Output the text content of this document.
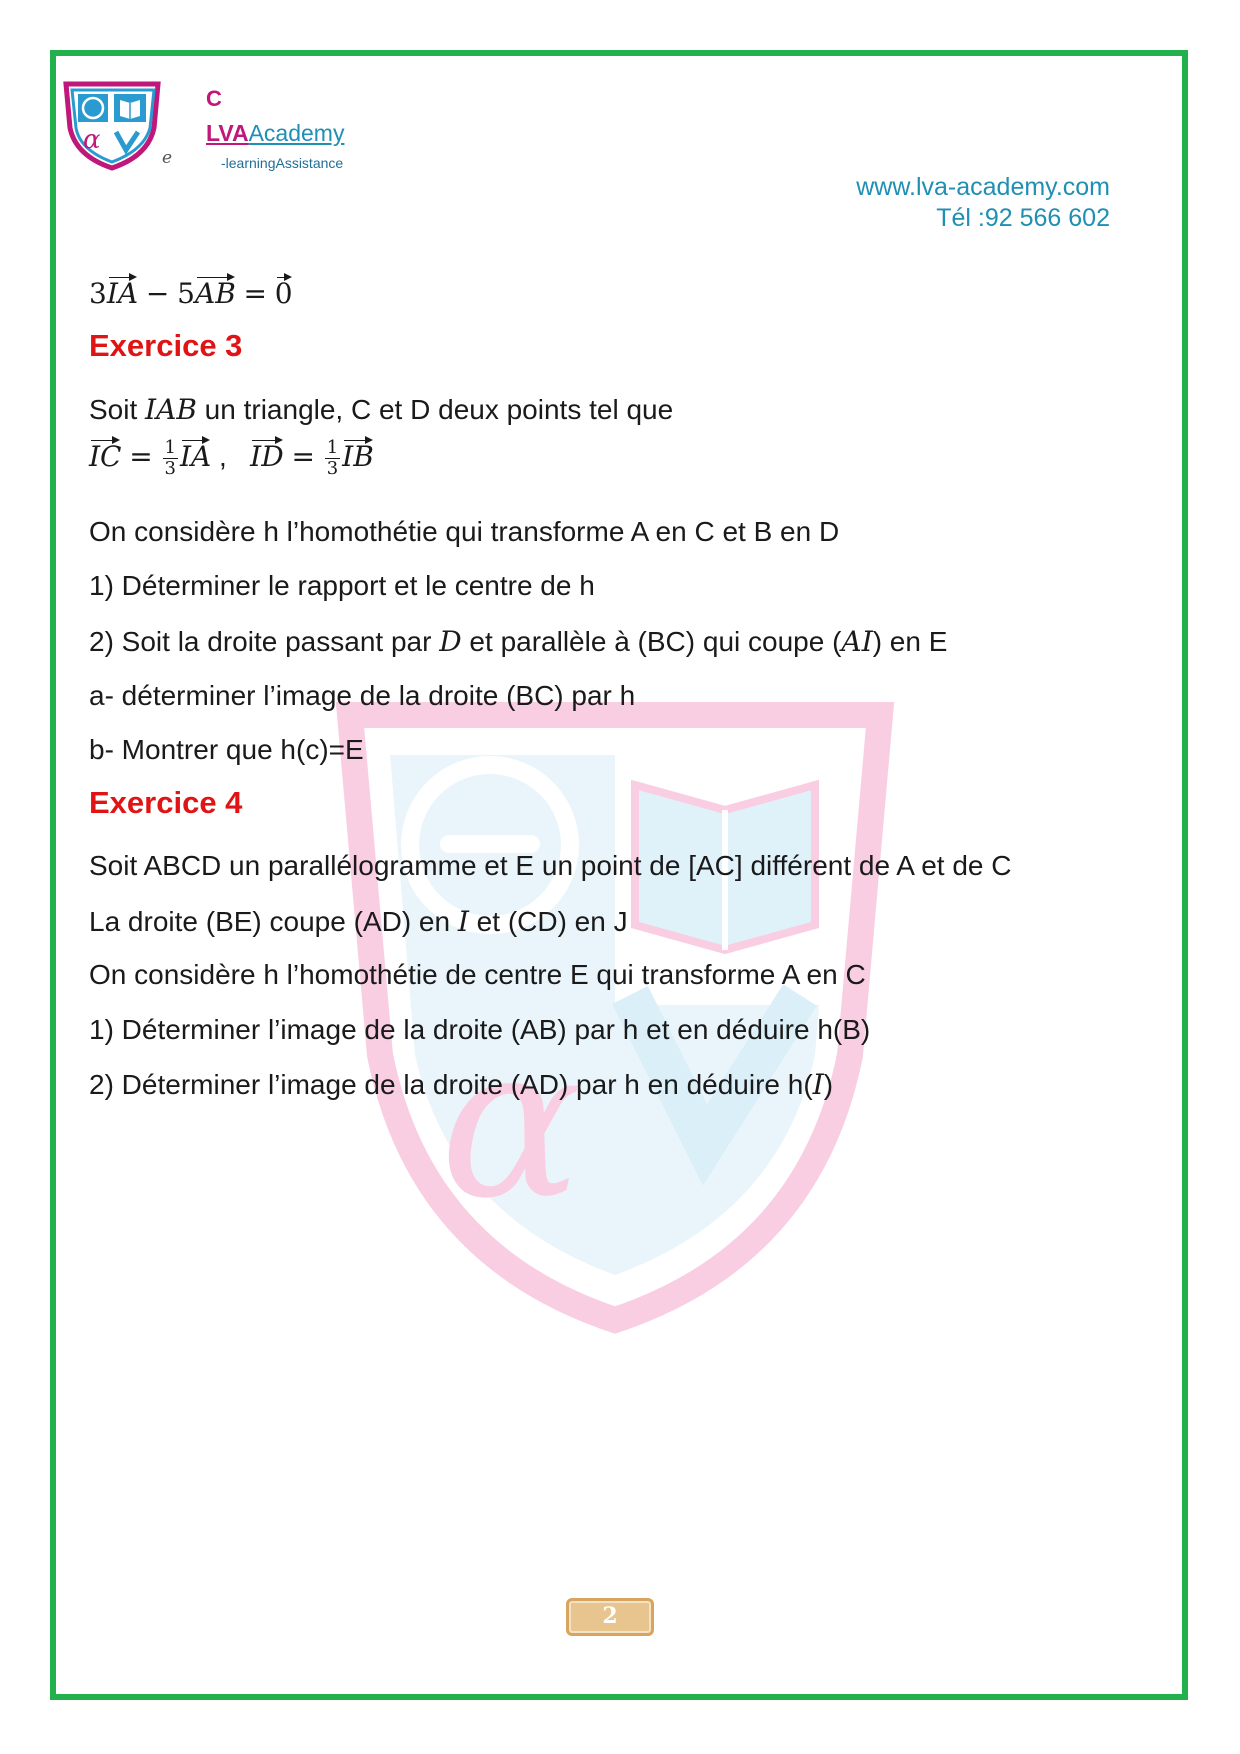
α
C
LVAAcademy
e	-learningAssistance
www.lva-academy.com
Tél :92 566 602
α
3IA − 5AB = 0
Exercice 3
Soit IAB un triangle, C et D deux points tel que
IC = $\frac{1}{3}$ IA , ID = $\frac{1}{3}$ IB
On considère h l’homothétie qui transforme A en C et B en D
1) Déterminer le rapport et le centre de h
2) Soit la droite passant par D et parallèle à (BC) qui coupe (AI) en E
a- déterminer l’image de la droite (BC) par h
b- Montrer que h(c)=E
Exercice 4
Soit ABCD un parallélogramme et E un point de [AC] différent de A et de C
La droite (BE) coupe (AD) en I et (CD) en J
On considère h l’homothétie de centre E qui transforme A en C
1) Déterminer l’image de la droite (AB) par h et en déduire h(B)
2) Déterminer l’image de la droite (AD) par h en déduire h(I)
2
